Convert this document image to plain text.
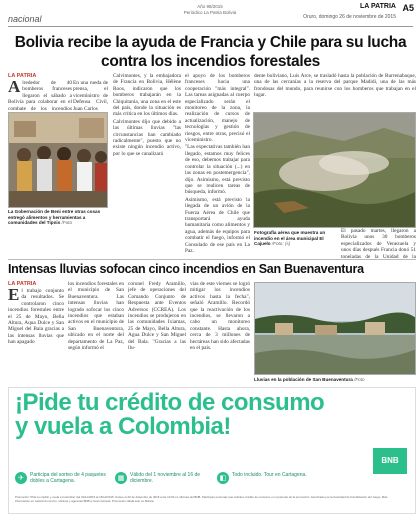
nacional
Año 98/2015
Periódico La Patria Bolivia
LA PATRIA
Oruro, domingo 26 de noviembre de 2015
A5
Bolivia recibe la ayuda de Francia y Chile para su lucha contra los incendios forestales
LA PATRIA
Alrededor de 40 bomberos franceses llegaron el sábado a Bolivia para colaborar en el combate de los incendios
La Gobernación de Beni entre otras cosas entregó alimentos y herramientas a comunidades del Tipnis /Foto
En una rueda de prensa, el viceministro de Defensa Civil, Juan Carlos

Calvimontes, y la embajadora de Francia en Bolivia, Hélène Roos, indicaron que los bomberos trabajarán en la Chiquitania, una zona en el este del país, donde la situación es más crítica en los últimos días.

Calvimontes dijo que debido a las últimas lluvias "las circunstancias han cambiado radicalmente", puesto que no existe ningún incendio activo, por lo que se canalizará

el apoyo de los bomberos franceses hacia una cooperación "más integral". Las tareas asignadas al cuerpo especializado serán el monitoreo de la zona, la realización de cursos de actualización, manejo de tecnologías y gestión de riesgos, entre otras, precisó el viceministro.

"Las expectativas también han llegado, estamos muy felices de eso, debemos trabajar para controlar la situación (...) en las zonas en postemergencia", dijo. Asimismo, está previsto que se realicen tareas de búsqueda, informó.

Asimismo, está previsto la llegada de un avión de la Fuerza Aérea de Chile que transportará ayuda humanitaria como alimentos y agua, además de equipos para combatir el fuego, informó el Consulado de ese país en La Paz.

dente boliviano, Luis Arce, se trasladó hasta la población de Rurrenabaque, una de las cercanías a la reserva del parque Madidi, una de las más frondosas del mundo, para reunirse con los bomberos que trabajan en el lugar.

Fotografía aérea que muestra un incendio en el área municipal El Cajuelo /Foto: (s)

El pasado martes, llegaron a Bolivia unos 30 bomberos especializados de Venezuela y unos días después Francia donó 51 toneladas de la Unidad de la

Intensas lluvias sofocan cinco incendios en San Buenaventura
LA PATRIA
El trabajo conjunto da resultados. Se controlaron cinco incendios forestales entre el 25 de Mayo, Bella Altura, Aqua Dulce y San Miguel del Bala gracias a las intensas lluvias que han apagado

los incendios forestales en el municipio de San Buenaventura. Las intensas lluvias han logrado sofocar los cinco incendios que estaban activos en el municipio de San Buenaventura, ubicado en el norte del departamento de La Paz, según informó el

coronel Fredy Aramillo, jefe de operaciones del Comando Conjunto de Respuesta ante Eventos Adversos (CCREA). Los incendios se produjeron en las comunidades Ixiamas, 25 de Mayo, Bella Altura, Agua Dulce y San Miguel del Bala. "Gracias a las llu-

vias de este viernes se logró mitigar los incendios activos hasta la fecha", señaló Aramillo. Recordó que la reactivación de los incendios, se llevaron a cabo un monitoreo constante. Hasta ahora, cerca de 3 millones de hectáreas han sido afectadas en el país.

Lluvias en la población de San Buenaventura /Foto
¡Pide tu crédito de consumo y vuela a Colombia!
✈	Participa del sorteo de 4 paquetes dobles a Cartagena.	▦	Válido del 1 noviembre al 16 de diciembre.	◧	Todo incluido. Tour en Cartagena.
BNB
Promoción "Pide tu crédito y vuela a Colombia" del 01/11/2015 al 16/12/2015. Sorteo el 20 de diciembre de 2015 a las 10:00 en oficinas del BNB. Participan personas que soliciten crédito de consumo en el periodo de la promoción. Autorizado por la Autoridad de Fiscalización del Juego. Más información en www.bnb.com.bo, oficinas y agencias BNB a nivel nacional. Promoción válida solo en Bolivia.
